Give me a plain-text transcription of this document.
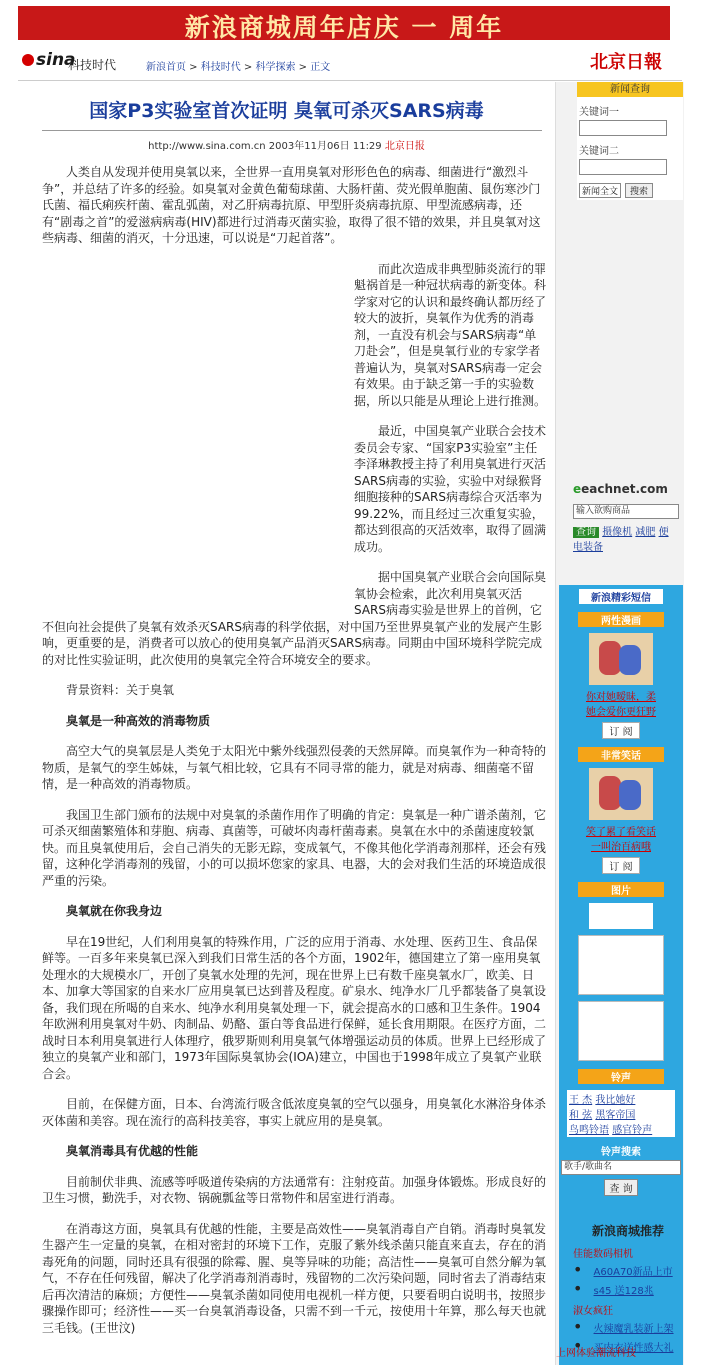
新浪商城周年店庆 一 周年
sina
科技时代	新浪首页 > 科技时代 > 科学探索 > 正文	北京日報
国家P3实验室首次证明 臭氧可杀灭SARS病毒
http://www.sina.com.cn 2003年11月06日 11:29 北京日报

人类自从发现并使用臭氧以来，全世界一直用臭氧对形形色色的病毒、细菌进行“激烈斗争”，并总结了许多的经验。如臭氧对金黄色葡萄球菌、大肠杆菌、荧光假单胞菌、鼠伤寒沙门氏菌、福氏痢疾杆菌、霍乱弧菌，对乙肝病毒抗原、甲型肝炎病毒抗原、甲型流感病毒，还有“剧毒之首”的爱滋病病毒(HIV)都进行过消毒灭菌实验，取得了很不错的效果，并且臭氧对这些病毒、细菌的消灭，十分迅速，可以说是“刀起首落”。

而此次造成非典型肺炎流行的罪魁祸首是一种冠状病毒的新变体。科学家对它的认识和最终确认都历经了较大的波折，臭氧作为优秀的消毒剂，一直没有机会与SARS病毒“单刀赴会”，但是臭氧行业的专家学者普遍认为，臭氧对SARS病毒一定会有效果。由于缺乏第一手的实验数据，所以只能是从理论上进行推测。

最近，中国臭氧产业联合会技术委员会专家、“国家P3实验室”主任李泽琳教授主持了利用臭氧进行灭活SARS病毒的实验，实验中对绿猴肾细胞接种的SARS病毒综合灭活率为99.22%，而且经过三次重复实验，都达到很高的灭活效率，取得了圆满成功。

据中国臭氧产业联合会向国际臭氧协会检索，此次利用臭氧灭活SARS病毒实验是世界上的首例，它不但向社会提供了臭氧有效杀灭SARS病毒的科学依据，对中国乃至世界臭氧产业的发展产生影响，更重要的是，消费者可以放心的使用臭氧产品消灭SARS病毒。同期由中国环境科学院完成的对比性实验证明，此次使用的臭氧完全符合环境安全的要求。

背景资料：关于臭氧

臭氧是一种高效的消毒物质

高空大气的臭氧层是人类免于太阳光中紫外线强烈侵袭的天然屏障。而臭氧作为一种奇特的物质，是氧气的孪生姊妹，与氧气相比较，它具有不同寻常的能力，就是对病毒、细菌毫不留情，是一种高效的消毒物质。

我国卫生部门颁布的法规中对臭氧的杀菌作用作了明确的肯定：臭氧是一种广谱杀菌剂，它可杀灭细菌繁殖体和芽胞、病毒、真菌等，可破坏肉毒杆菌毒素。臭氧在水中的杀菌速度较氯快。而且臭氧使用后，会自己消失的无影无踪，变成氧气，不像其他化学消毒剂那样，还会有残留，这种化学消毒剂的残留，小的可以损坏您家的家具、电器，大的会对我们生活的环境造成很严重的污染。

臭氧就在你我身边

早在19世纪，人们利用臭氧的特殊作用，广泛的应用于消毒、水处理、医药卫生、食品保鲜等。一百多年来臭氧已深入到我们日常生活的各个方面，1902年，德国建立了第一座用臭氧处理水的大规模水厂，开创了臭氧水处理的先河，现在世界上已有数千座臭氧水厂，欧美、日本、加拿大等国家的自来水厂应用臭氧已达到普及程度。矿泉水、纯净水厂几乎都装备了臭氧设备，我们现在所喝的自来水、纯净水利用臭氧处理一下，就会提高水的口感和卫生条件。1904年欧洲利用臭氧对牛奶、肉制品、奶酪、蛋白等食品进行保鲜，延长食用期限。在医疗方面，二战时日本利用臭氧进行人体理疗，俄罗斯则利用臭氧气体增强运动员的体质。世界上已经形成了独立的臭氧产业和部门，1973年国际臭氧协会(IOA)建立，中国也于1998年成立了臭氧产业联合会。

目前，在保健方面，日本、台湾流行吸含低浓度臭氧的空气以强身，用臭氧化水淋浴身体杀灭体菌和美容。现在流行的高科技美容，事实上就应用的是臭氧。

臭氧消毒具有优越的性能

目前制伏非典、流感等呼吸道传染病的方法通常有：注射疫苗。加强身体锻炼。形成良好的卫生习惯，勤洗手，对衣物、锅碗瓢盆等日常物件和居室进行消毒。

在消毒这方面，臭氧具有优越的性能，主要是高效性——臭氧消毒自产自销。消毒时臭氧发生器产生一定量的臭氧，在相对密封的环境下工作，克服了紫外线杀菌只能直来直去，存在的消毒死角的问题，同时还具有很强的除霉、腥、臭等异味的功能；高洁性——臭氧可自然分解为氧气，不存在任何残留，解决了化学消毒剂消毒时，残留物的二次污染问题，同时省去了消毒结束后再次清洁的麻烦；方便性——臭氧杀菌如同使用电视机一样方便，只要看明白说明书，按照步骤操作即可；经济性——买一台臭氧消毒设备，只需不到一千元，按使用十年算，那么每天也就三毛钱。(王世汶)

新闻查询
关键词一
关键词二
新闻全文	搜索
eeachnet.com
输入欲购商品
查询 摄像机 减肥 便
电装备
新浪精彩短信
两性漫画
你对她暧昧，柔
她会爱你更狂野
订 阅
非常笑话
笑了累了看笑话
一叫治百病哦
订 阅
图片
铃声
王 杰 我比她好
和 弦 黑客帝国
鸟鸣铃语 感官铃声
铃声搜索
歌手/歌曲名
查 询
新浪商城推荐
佳能数码相机
• A60A70新品上市
• s45 送128兆
淑女疯狂
• 火辣魔乳装新上架
• 买内衣送性感大礼
上网体验潮流科技
